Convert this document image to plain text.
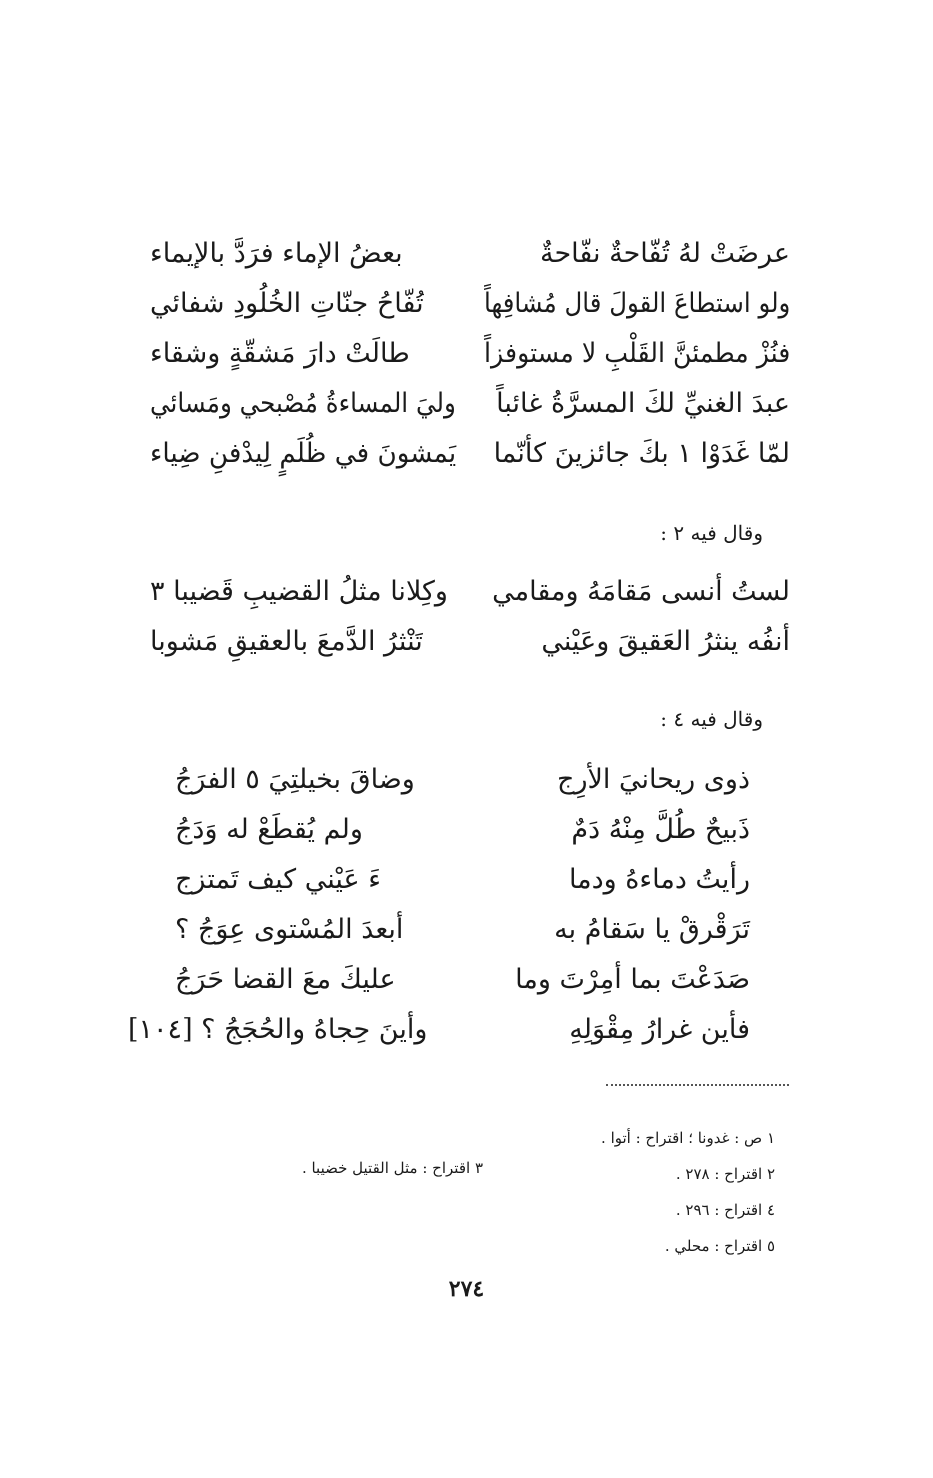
عرضَتْ لهُ تُفّاحةٌ نفّاحةٌ
بعضُ الإماء فرَدَّ بالإيماء
ولو استطاعَ القولَ قال مُشافِهاً
تُفّاحُ جنّاتِ الخُلُودِ شفائي
فنُزْ مطمئنَّ القَلْبِ لا مستوفزاً
طالَتْ دارَ مَشقّةٍ وشقاء
عبدَ الغنيِّ لكَ المسرَّةُ غائباً
وليَ المساءةُ مُصْبحي ومَسائي
لمّا غَدَوْا ١ بكَ جائزينَ كأنّما
يَمشونَ في ظُلَمٍ لِيدْفنِ ضِياء
وقال فيه ٢ :
لستُ أنسى مَقامَهُ ومقامي
وكِلانا مثلُ القضيبِ قَضيبا ٣
أنفُه ينثرُ العَقيقَ وعَيْني
تَنْثرُ الدَّمعَ بالعقيقِ مَشوبا
وقال فيه ٤ :
ذوى ريحانيَ الأرِج
وضاقَ بخيلتِيَ ٥ الفرَجُ
ذَبيحٌ طُلَّ مِنْهُ دَمٌ
ولم يُقطَعْ له وَدَجُ
رأيتُ دماءهُ ودما
ءَ عَيْني كيف تَمتزج
تَرَقْرقْ يا سَقامُ به
أبعدَ المُسْتوى عِوَجُ ؟
صَدَعْتَ بما أمِرْتَ وما
عليكَ معَ القضا حَرَجُ
فأين غرارُ مِقْوَلِهِ
وأينَ حِجاهُ والحُجَجُ ؟ [١٠٤]
١ ص : غدونا ؛ اقتراح : أتوا .
٢ اقتراح : ٢٧٨ .
٣ اقتراح : مثل القتيل خضيبا .
٤ اقتراح : ٢٩٦ .
٥ اقتراح : محلي .
٢٧٤
